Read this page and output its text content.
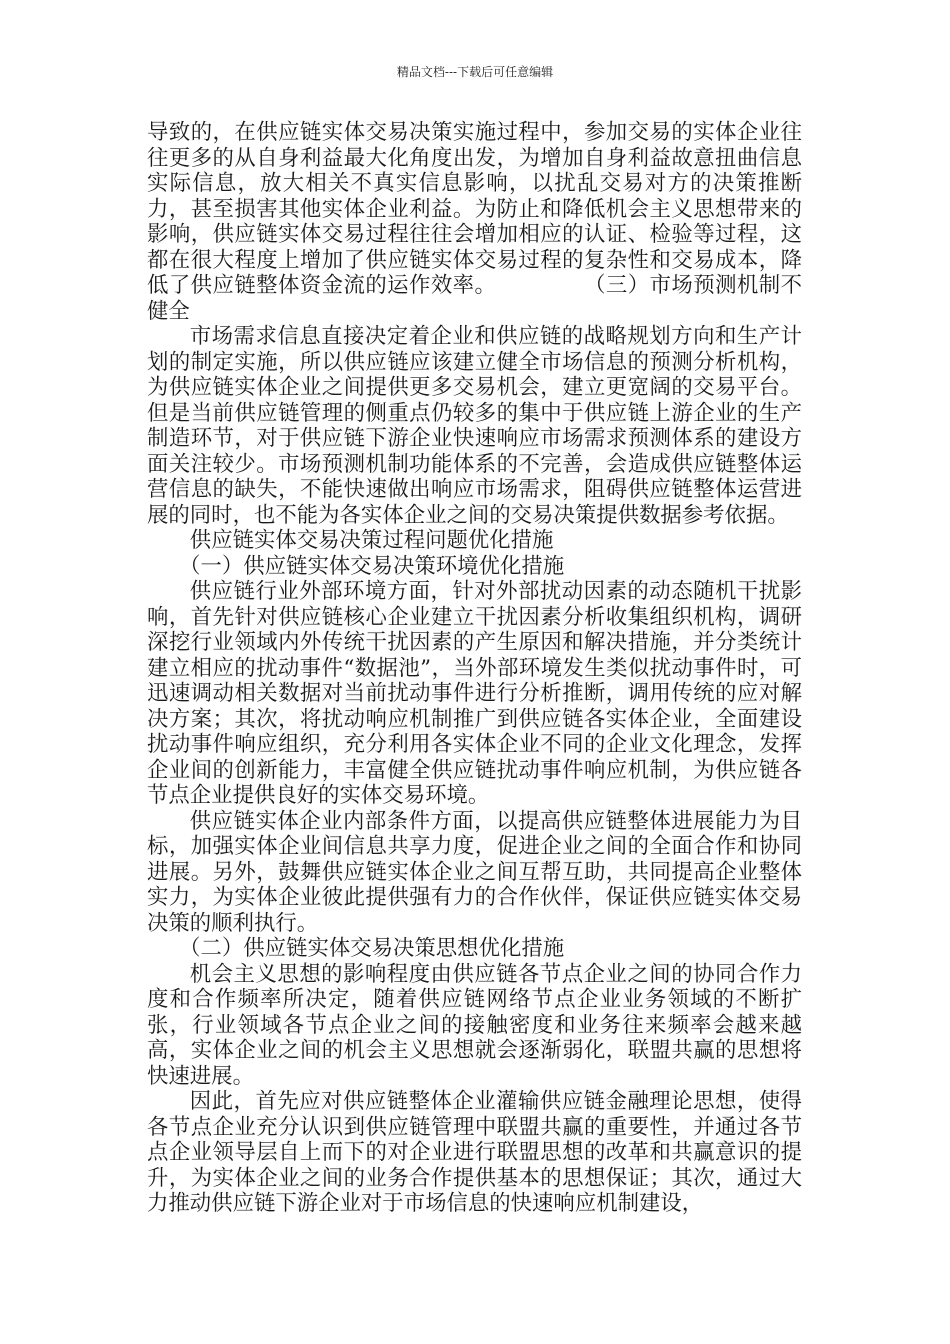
精品文档---下载后可任意编辑

导致的，在供应链实体交易决策实施过程中，参加交易的实体企业往往更多的从自身利益最大化角度出发，为增加自身利益故意扭曲信息实际信息，放大相关不真实信息影响，以扰乱交易对方的决策推断力，甚至损害其他实体企业利益。为防止和降低机会主义思想带来的影响，供应链实体交易过程往往会增加相应的认证、检验等过程，这都在很大程度上增加了供应链实体交易过程的复杂性和交易成本，降低了供应链整体资金流的运作效率。　　　　　	（三）市场预测机制不健全

市场需求信息直接决定着企业和供应链的战略规划方向和生产计划的制定实施，所以供应链应该建立健全市场信息的预测分析机构，为供应链实体企业之间提供更多交易机会，建立更宽阔的交易平台。但是当前供应链管理的侧重点仍较多的集中于供应链上游企业的生产制造环节，对于供应链下游企业快速响应市场需求预测体系的建设方面关注较少。市场预测机制功能体系的不完善，会造成供应链整体运营信息的缺失，不能快速做出响应市场需求，阻碍供应链整体运营进展的同时，也不能为各实体企业之间的交易决策提供数据参考依据。

供应链实体交易决策过程问题优化措施

（一）供应链实体交易决策环境优化措施

供应链行业外部环境方面，针对外部扰动因素的动态随机干扰影响，首先针对供应链核心企业建立干扰因素分析收集组织机构，调研深挖行业领域内外传统干扰因素的产生原因和解决措施，并分类统计建立相应的扰动事件“数据池”，当外部环境发生类似扰动事件时，可迅速调动相关数据对当前扰动事件进行分析推断，调用传统的应对解决方案；其次，将扰动响应机制推广到供应链各实体企业，全面建设扰动事件响应组织，充分利用各实体企业不同的企业文化理念，发挥企业间的创新能力，丰富健全供应链扰动事件响应机制，为供应链各节点企业提供良好的实体交易环境。

供应链实体企业内部条件方面，以提高供应链整体进展能力为目标，加强实体企业间信息共享力度，促进企业之间的全面合作和协同进展。另外，鼓舞供应链实体企业之间互帮互助，共同提高企业整体实力，为实体企业彼此提供强有力的合作伙伴，保证供应链实体交易决策的顺利执行。

（二）供应链实体交易决策思想优化措施

机会主义思想的影响程度由供应链各节点企业之间的协同合作力度和合作频率所决定，随着供应链网络节点企业业务领域的不断扩张，行业领域各节点企业之间的接触密度和业务往来频率会越来越高，实体企业之间的机会主义思想就会逐渐弱化，联盟共赢的思想将快速进展。

因此，首先应对供应链整体企业灌输供应链金融理论思想，使得各节点企业充分认识到供应链管理中联盟共赢的重要性，并通过各节点企业领导层自上而下的对企业进行联盟思想的改革和共赢意识的提升，为实体企业之间的业务合作提供基本的思想保证；其次，通过大力推动供应链下游企业对于市场信息的快速响应机制建设，
